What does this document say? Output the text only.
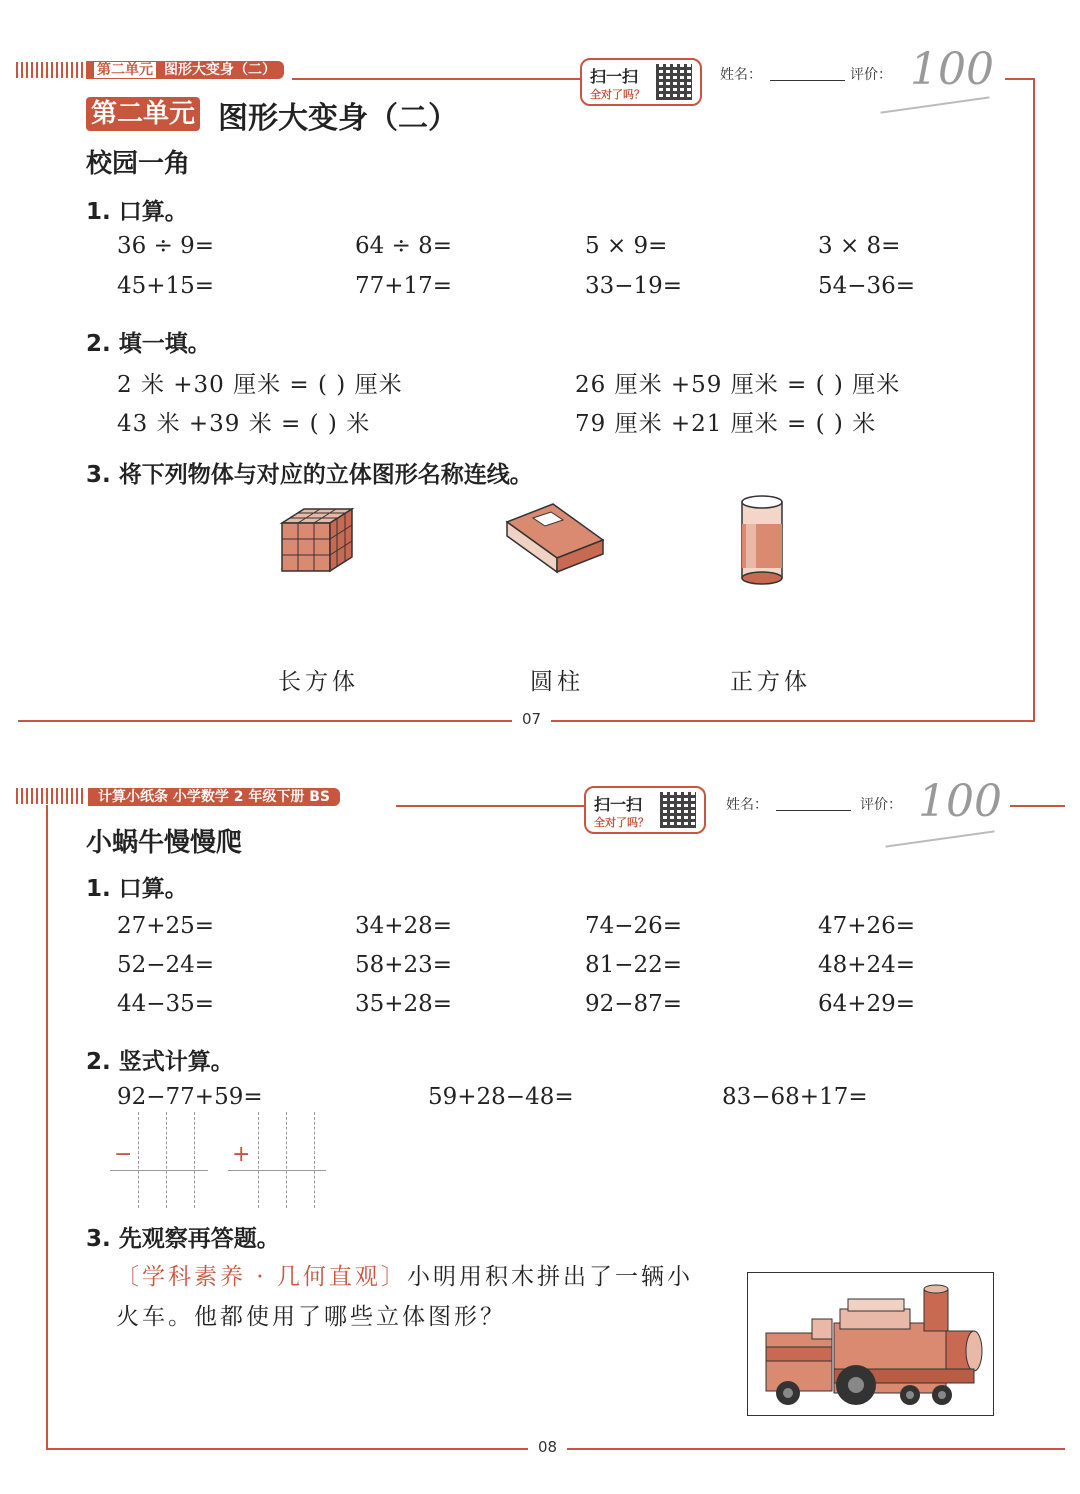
第二单元 图形大变身（二）	扫一扫
全对了吗？
姓名：	评价： 100
第二单元 图形大变身（二）
校园一角
1. 口算。
36 ÷ 9=	64 ÷ 8=	5 × 9=	3 × 8=
45+15=	77+17=	33−19=	54−36=
2. 填一填。
2 米 +30 厘米 = ( ) 厘米	26 厘米 +59 厘米 = ( ) 厘米
43 米 +39 米 = ( ) 米	79 厘米 +21 厘米 = ( ) 米
3. 将下列物体与对应的立体图形名称连线。
长方体	圆柱	正方体
07
计算小纸条 小学数学 2 年级下册 BS	扫一扫
全对了吗？
姓名：	评价： 100
小蜗牛慢慢爬
1. 口算。
27+25=	34+28=	74−26=	47+26=
52−24=	58+23=	81−22=	48+24=
44−35=	35+28=	92−87=	64+29=
2. 竖式计算。
92−77+59=	59+28−48=	83−68+17=
−	+
3. 先观察再答题。
〔学科素养 · 几何直观〕小明用积木拼出了一辆小
火车。他都使用了哪些立体图形？
08
